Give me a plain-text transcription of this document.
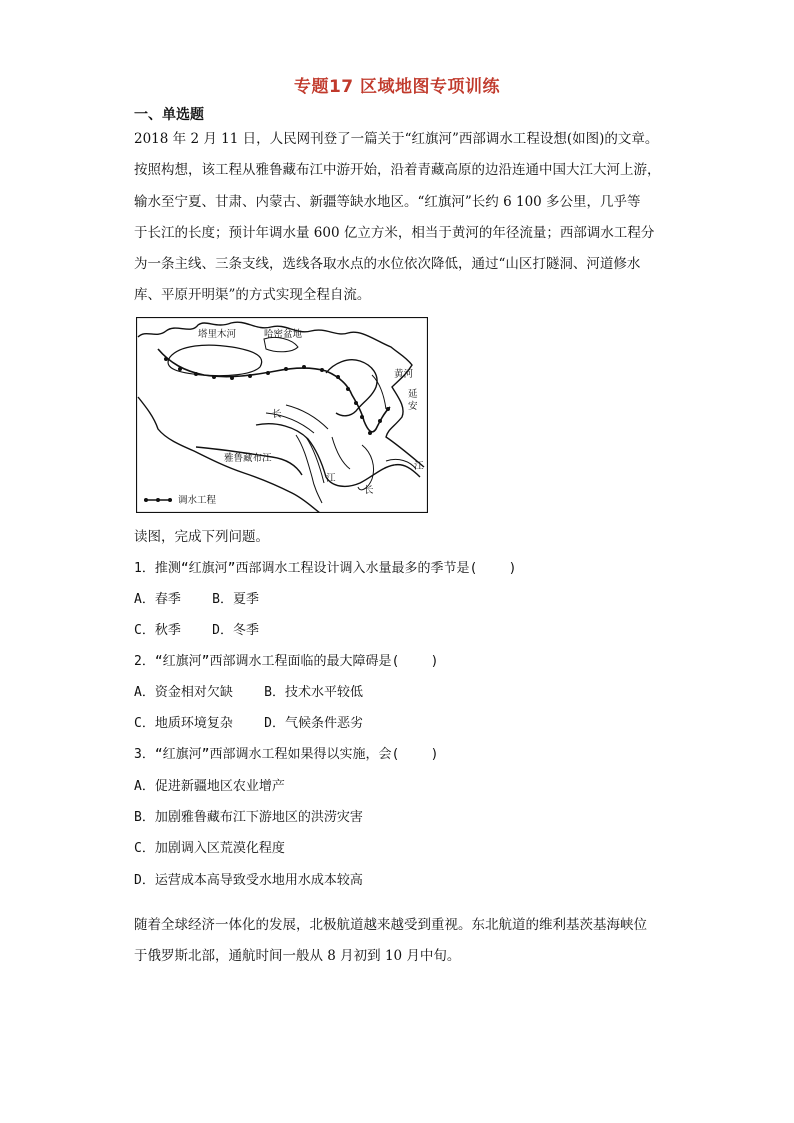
专题17 区域地图专项训练
一、单选题
2018 年 2 月 11 日，人民网刊登了一篇关于“红旗河”西部调水工程设想(如图)的文章。
按照构想，该工程从雅鲁藏布江中游开始，沿着青藏高原的边沿连通中国大江大河上游，
输水至宁夏、甘肃、内蒙古、新疆等缺水地区。“红旗河”长约 6 100 多公里，几乎等
于长江的长度；预计年调水量 600 亿立方米，相当于黄河的年径流量；西部调水工程分
为一条主线、三条支线，选线各取水点的水位依次降低，通过“山区打隧洞、河道修水
库、平原开明渠”的方式实现全程自流。
塔里木河	哈密盆地
黄河
延
安
长
雅鲁藏布江
江
江
长
调水工程
读图，完成下列问题。
1．推测“红旗河”西部调水工程设计调入水量最多的季节是(    )
A．春季    B．夏季
C．秋季    D．冬季
2．“红旗河”西部调水工程面临的最大障碍是(    )
A．资金相对欠缺    B．技术水平较低
C．地质环境复杂    D．气候条件恶劣
3．“红旗河”西部调水工程如果得以实施，会(    )
A．促进新疆地区农业增产
B．加剧雅鲁藏布江下游地区的洪涝灾害
C．加剧调入区荒漠化程度
D．运营成本高导致受水地用水成本较高
随着全球经济一体化的发展，北极航道越来越受到重视。东北航道的维利基茨基海峡位
于俄罗斯北部，通航时间一般从 8 月初到 10 月中旬。
